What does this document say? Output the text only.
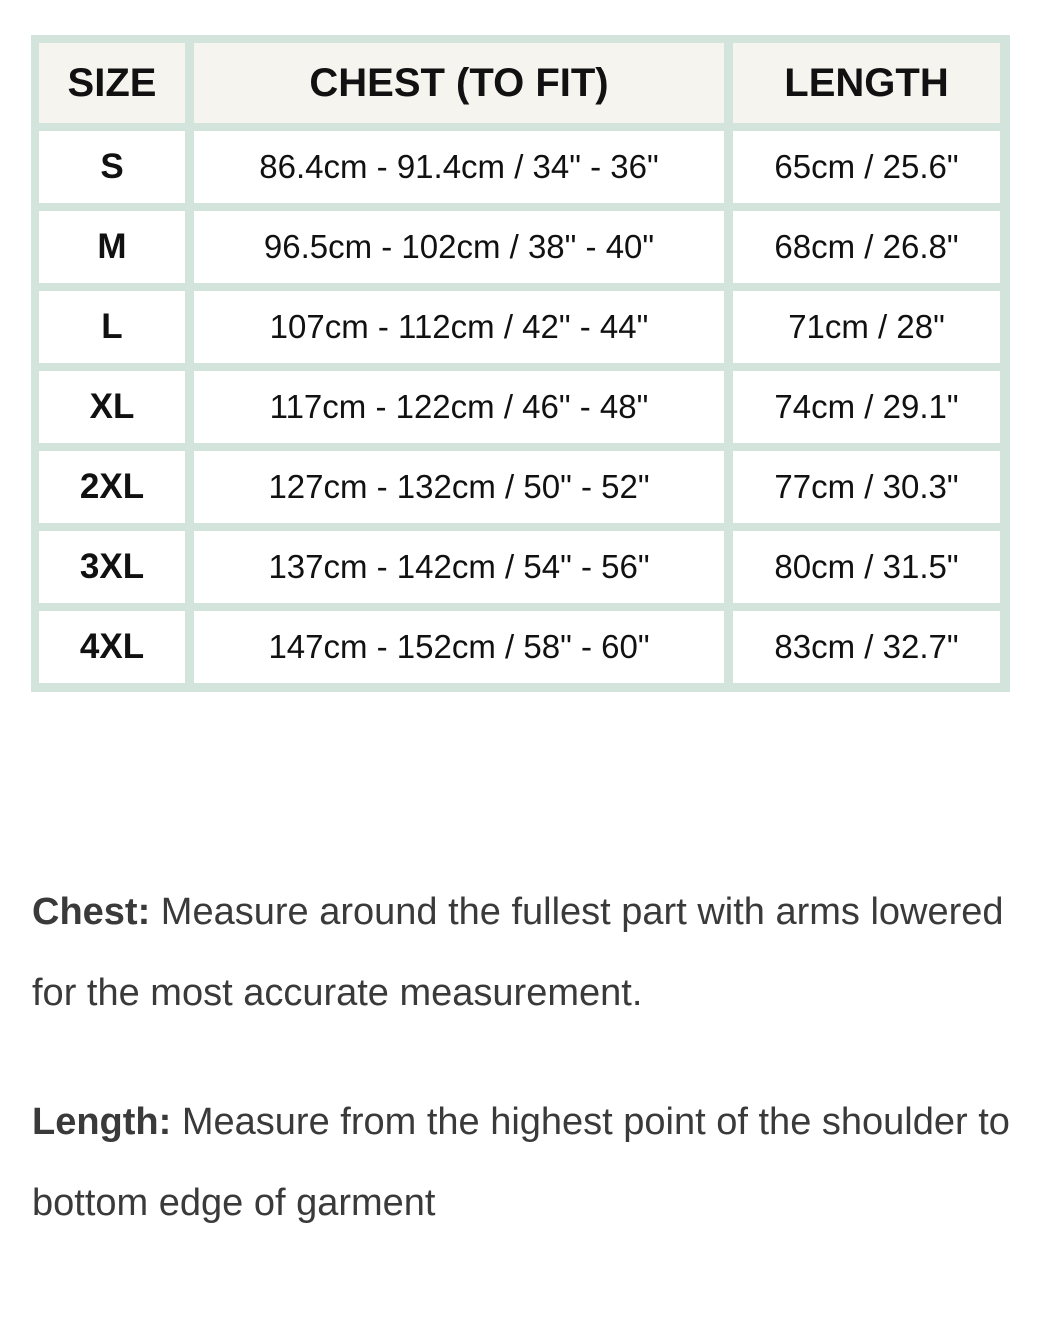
SIZE	CHEST (TO FIT)	LENGTH
S	86.4cm - 91.4cm / 34" - 36"	65cm / 25.6"
M	96.5cm - 102cm / 38" - 40"	68cm / 26.8"
L	107cm - 112cm / 42" - 44"	71cm / 28"
XL	117cm - 122cm / 46" - 48"	74cm / 29.1"
2XL	127cm - 132cm / 50" - 52"	77cm / 30.3"
3XL	137cm - 142cm / 54" - 56"	80cm / 31.5"
4XL	147cm - 152cm / 58" - 60"	83cm / 32.7"

Chest: Measure around the fullest part with arms lowered for the most accurate measurement.

Length: Measure from the highest point of the shoulder to bottom edge of garment
